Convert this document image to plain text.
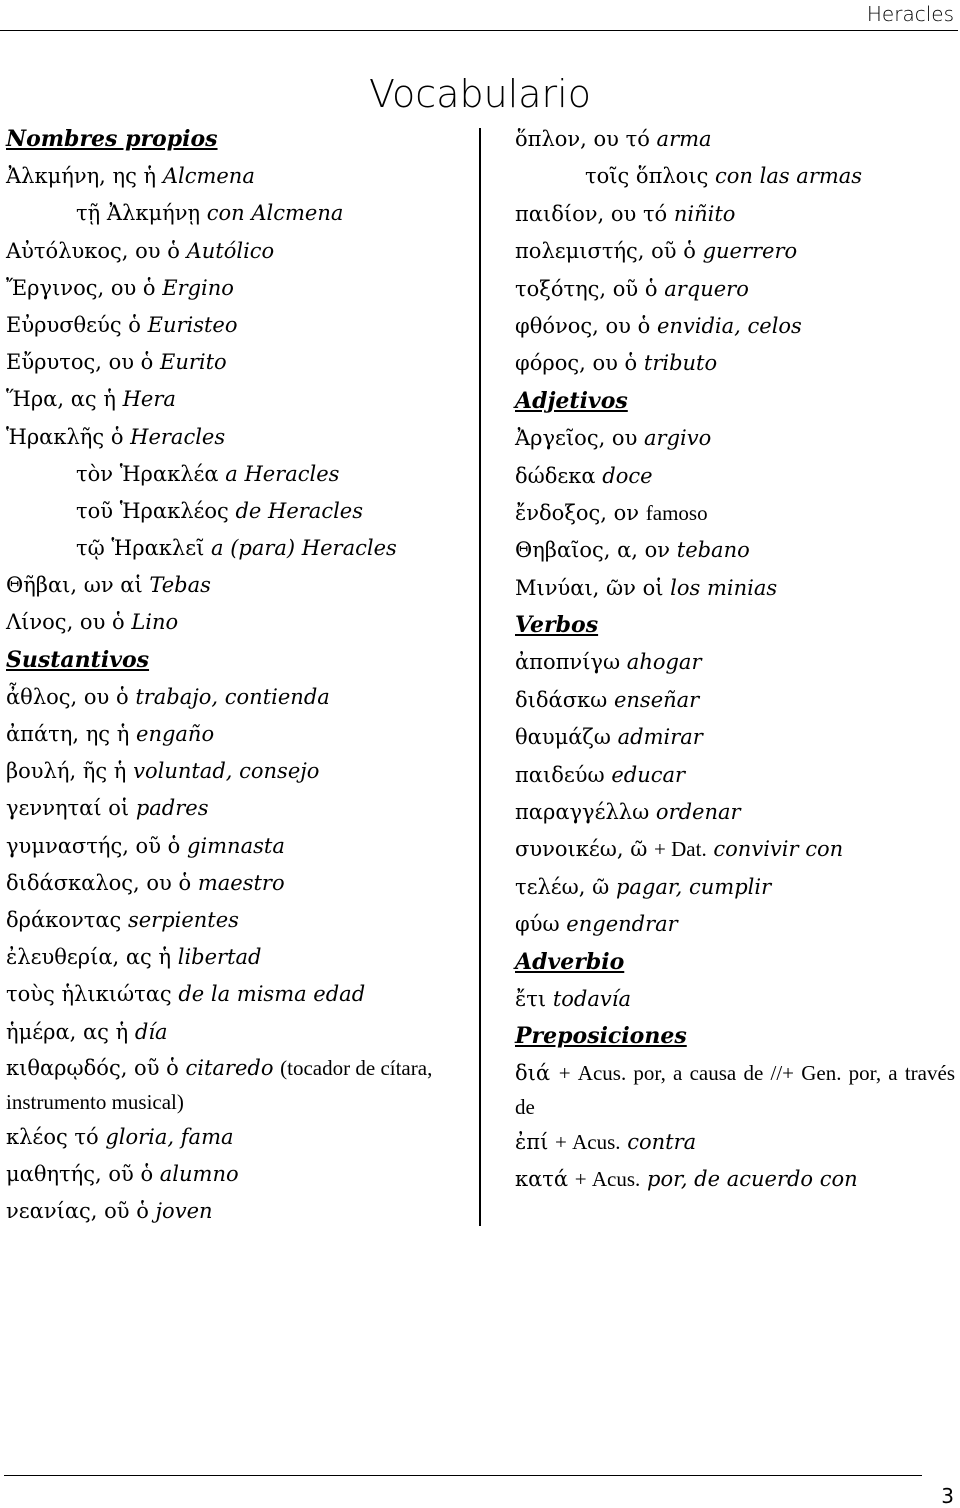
Heracles
Vocabulario
Nombres propios
Ἀλκμήνη, ης ἡ Alcmena
τῇ Ἀλκμήνῃ con Alcmena
Αὐτόλυκος, ου ὁ Autólico
Ἔργινος, ου ὁ Ergino
Εὐρυσθεύς ὁ Euristeo
Εὔρυτος, ου ὁ Eurito
Ἥρα, ας ἡ Hera
Ἡρακλῆς ὁ Heracles
τὸν Ἡρακλέα a Heracles
τοῦ Ἡρακλέος de Heracles
τῷ Ἡρακλεῖ a (para) Heracles
Θῆβαι, ων αἱ Tebas
Λίνος, ου ὁ Lino
Sustantivos
ἆθλος, ου ὁ trabajo, contienda
ἀπάτη, ης ἡ engaño
βουλή, ῆς ἡ voluntad, consejo
γεννηταί οἱ padres
γυμναστής, οῦ ὁ gimnasta
διδάσκαλος, ου ὁ maestro
δράκοντας serpientes
ἐλευθερία, ας ἡ libertad
τοὺς ἡλικιώτας de la misma edad
ἡμέρα, ας ἡ día
κιθαρῳδός, οῦ ὁ citaredo (tocador de cítara, instrumento musical)
κλέος τό gloria, fama
μαθητής, οῦ ὁ alumno
νεανίας, οῦ ὁ joven
ὅπλον, ου τό arma
τοῖς ὅπλοις con las armas
παιδίον, ου τό niñito
πολεμιστής, οῦ ὁ guerrero
τοξότης, οῦ ὁ arquero
φθόνος, ου ὁ envidia, celos
φόρος, ου ὁ tributo
Adjetivos
Ἀργεῖος, ου argivo
δώδεκα doce
ἔνδοξος, ον famoso
Θηβαῖος, α, ον tebano
Μινύαι, ῶν οἱ los minias
Verbos
ἀποπνίγω ahogar
διδάσκω enseñar
θαυμάζω admirar
παιδεύω educar
παραγγέλλω ordenar
συνοικέω, ῶ + Dat. convivir con
τελέω, ῶ pagar, cumplir
φύω engendrar
Adverbio
ἔτι todavía
Preposiciones
διά + Acus. por, a causa de //+ Gen. por, a través de
ἐπί + Acus. contra
κατά + Acus. por, de acuerdo con
3
